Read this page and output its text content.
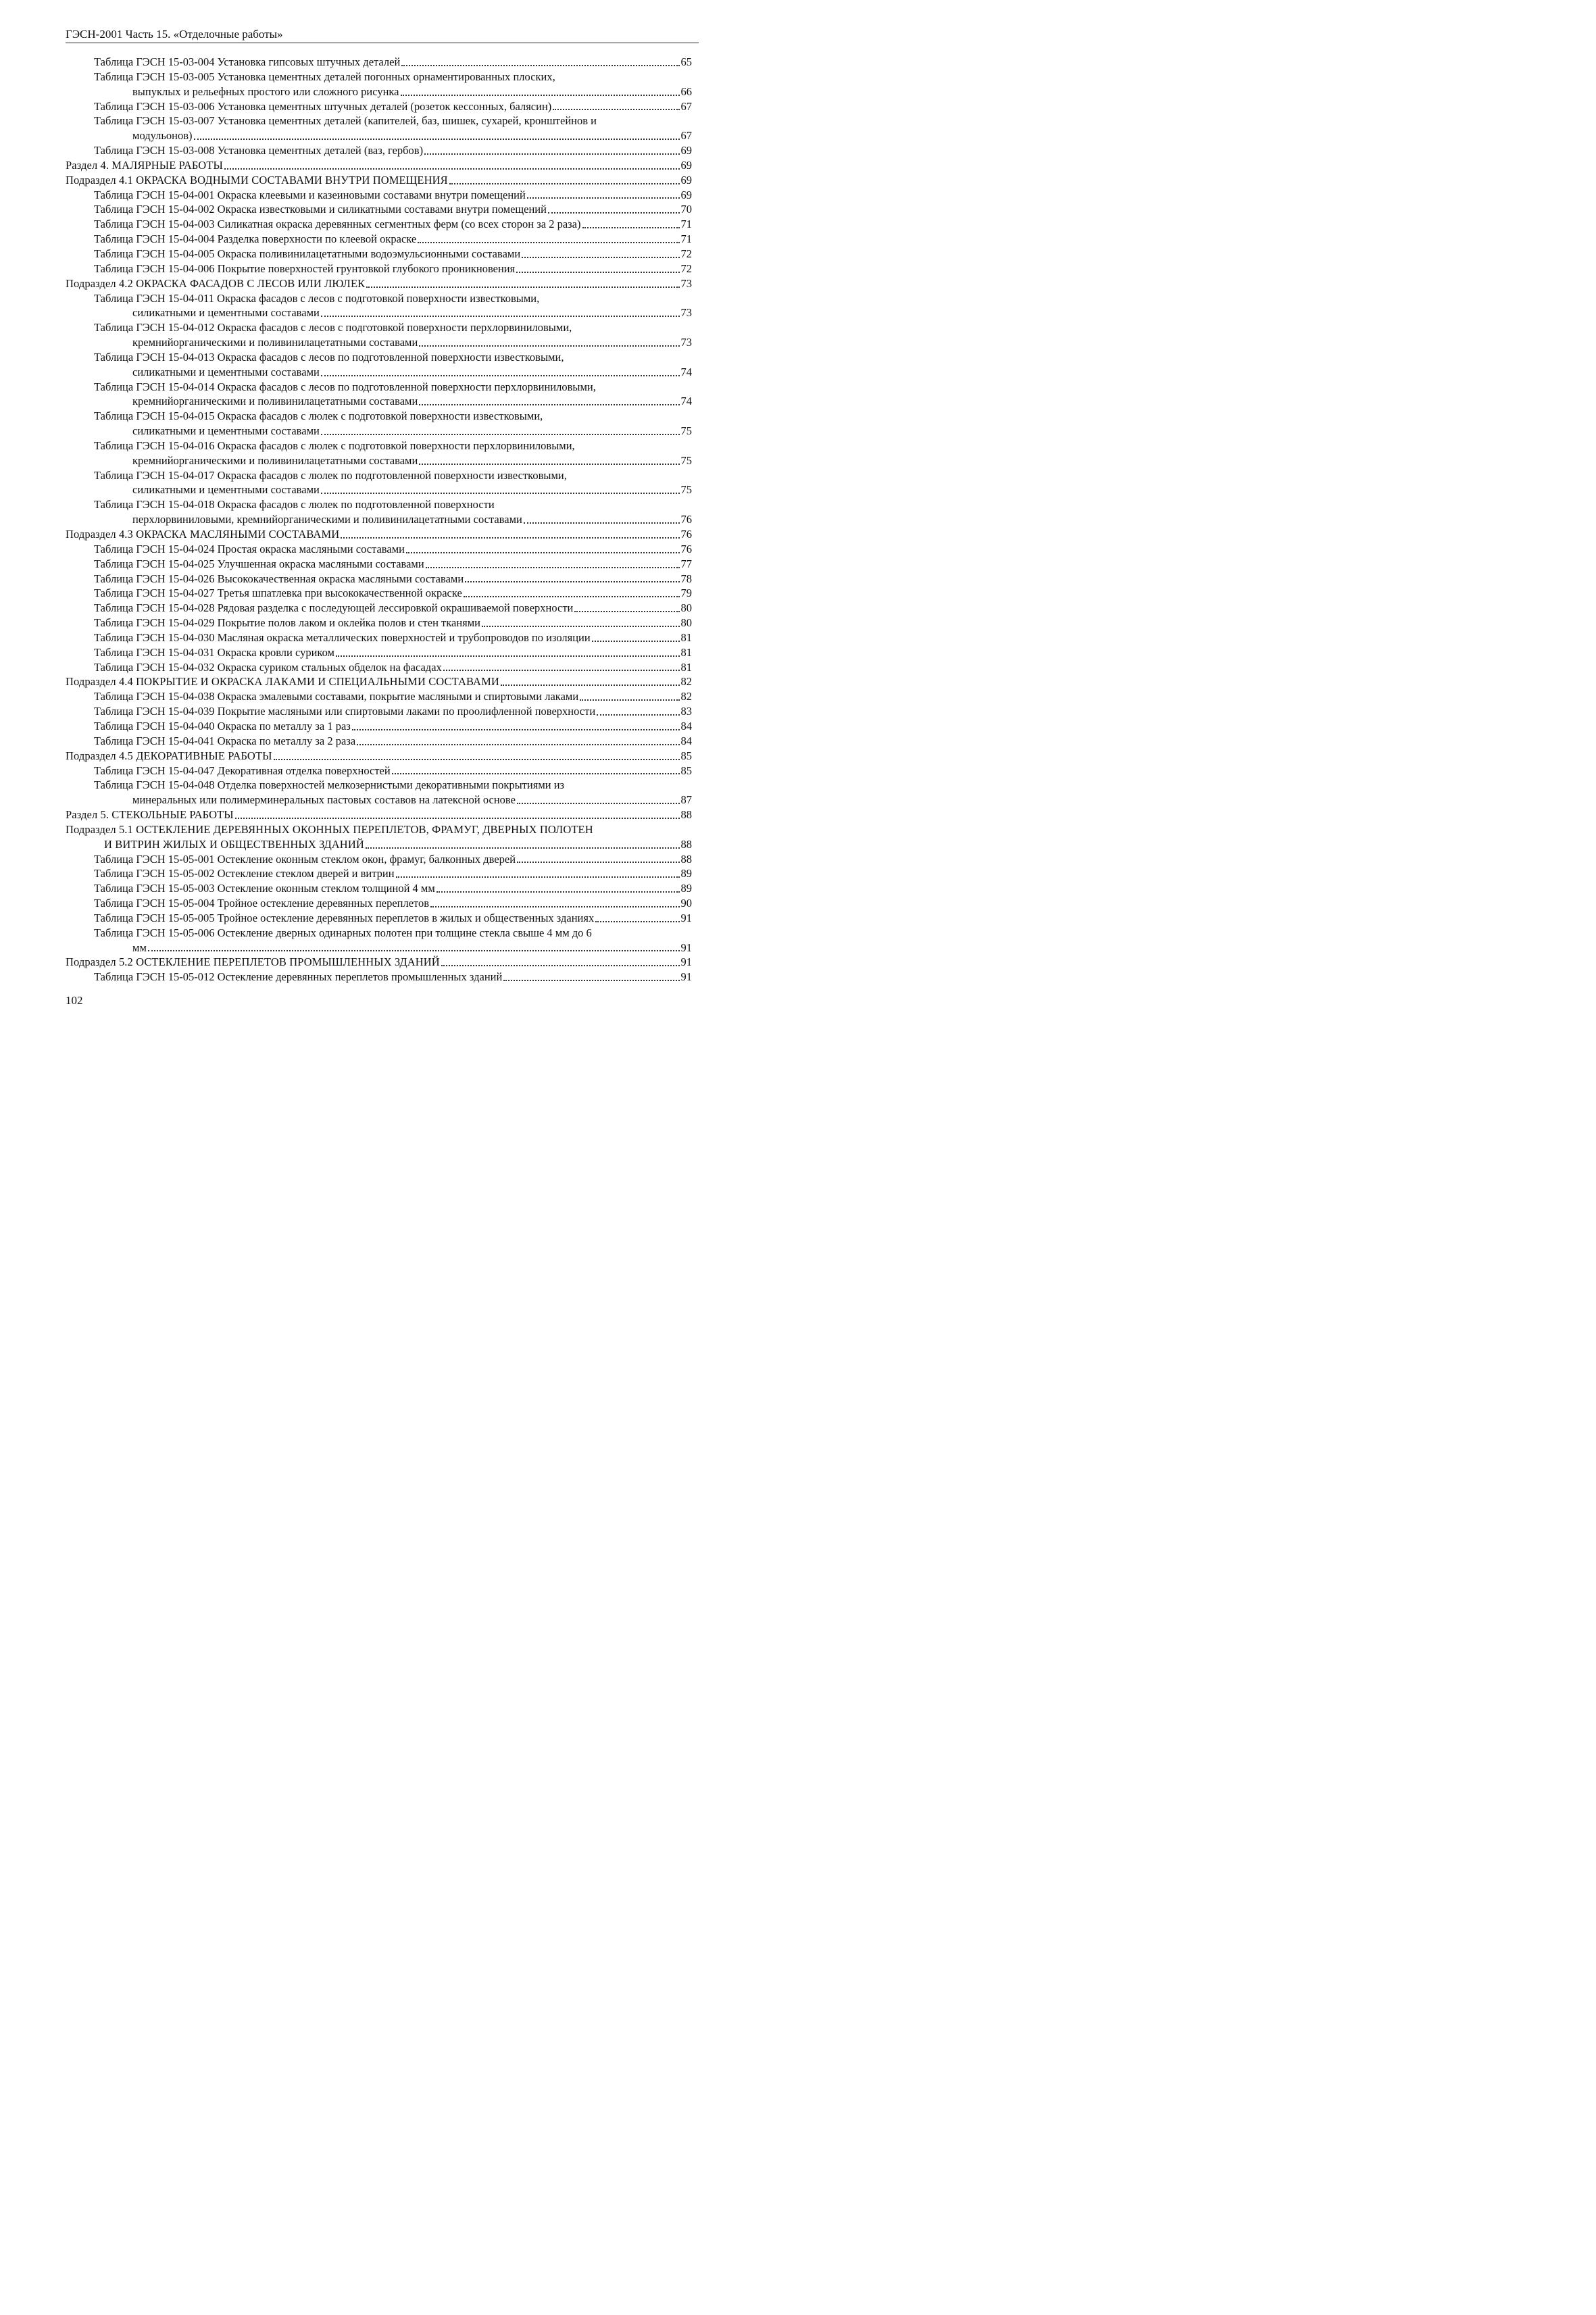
ГЭСН-2001 Часть 15. «Отделочные работы»
Таблица ГЭСН 15-03-004 Установка гипсовых штучных деталей	65
Таблица ГЭСН 15-03-005 Установка цементных деталей погонных орнаментированных плоских,
выпуклых и рельефных простого или сложного рисунка	66
Таблица ГЭСН 15-03-006 Установка цементных штучных деталей (розеток кессонных, балясин)	67
Таблица ГЭСН 15-03-007 Установка цементных деталей (капителей, баз, шишек, сухарей, кронштейнов и
модульонов)	67
Таблица ГЭСН 15-03-008 Установка цементных деталей (ваз, гербов)	69
Раздел 4. МАЛЯРНЫЕ РАБОТЫ	69
Подраздел 4.1 ОКРАСКА ВОДНЫМИ СОСТАВАМИ ВНУТРИ ПОМЕЩЕНИЯ	69
Таблица ГЭСН 15-04-001 Окраска клеевыми и казеиновыми составами внутри помещений	69
Таблица ГЭСН 15-04-002 Окраска известковыми и силикатными составами внутри помещений	70
Таблица ГЭСН 15-04-003 Силикатная окраска деревянных сегментных ферм (со всех сторон за 2 раза)	71
Таблица ГЭСН 15-04-004 Разделка поверхности по клеевой окраске	71
Таблица ГЭСН 15-04-005 Окраска поливинилацетатными водоэмульсионными составами	72
Таблица ГЭСН 15-04-006 Покрытие поверхностей грунтовкой глубокого проникновения	72
Подраздел 4.2 ОКРАСКА ФАСАДОВ С ЛЕСОВ ИЛИ ЛЮЛЕК	73
Таблица ГЭСН 15-04-011 Окраска фасадов с лесов с подготовкой поверхности известковыми,
силикатными и цементными составами	73
Таблица ГЭСН 15-04-012 Окраска фасадов с лесов с подготовкой поверхности перхлорвиниловыми,
кремнийорганическими и поливинилацетатными составами	73
Таблица ГЭСН 15-04-013 Окраска фасадов с лесов по подготовленной поверхности известковыми,
силикатными и цементными составами	74
Таблица ГЭСН 15-04-014 Окраска фасадов с лесов по подготовленной поверхности перхлорвиниловыми,
кремнийорганическими и поливинилацетатными составами	74
Таблица ГЭСН 15-04-015 Окраска фасадов с люлек с подготовкой поверхности известковыми,
силикатными и цементными составами	75
Таблица ГЭСН 15-04-016 Окраска фасадов с люлек с подготовкой поверхности перхлорвиниловыми,
кремнийорганическими и поливинилацетатными составами	75
Таблица ГЭСН 15-04-017 Окраска фасадов с люлек по подготовленной поверхности известковыми,
силикатными и цементными составами	75
Таблица ГЭСН 15-04-018 Окраска фасадов с люлек по подготовленной поверхности
перхлорвиниловыми, кремнийорганическими и поливинилацетатными составами	76
Подраздел 4.3 ОКРАСКА МАСЛЯНЫМИ СОСТАВАМИ	76
Таблица ГЭСН 15-04-024 Простая окраска масляными составами	76
Таблица ГЭСН 15-04-025 Улучшенная окраска масляными составами	77
Таблица ГЭСН 15-04-026 Высококачественная окраска масляными составами	78
Таблица ГЭСН 15-04-027 Третья шпатлевка при высококачественной окраске	79
Таблица ГЭСН 15-04-028 Рядовая разделка с последующей лессировкой окрашиваемой поверхности	80
Таблица ГЭСН 15-04-029 Покрытие полов лаком и оклейка полов и стен тканями	80
Таблица ГЭСН 15-04-030 Масляная окраска металлических поверхностей и трубопроводов по изоляции	81
Таблица ГЭСН 15-04-031 Окраска кровли суриком	81
Таблица ГЭСН 15-04-032 Окраска суриком стальных обделок на фасадах	81
Подраздел 4.4 ПОКРЫТИЕ И ОКРАСКА ЛАКАМИ И СПЕЦИАЛЬНЫМИ СОСТАВАМИ	82
Таблица ГЭСН 15-04-038 Окраска эмалевыми составами, покрытие масляными и спиртовыми лаками	82
Таблица ГЭСН 15-04-039 Покрытие масляными или спиртовыми лаками по проолифленной поверхности	83
Таблица ГЭСН 15-04-040 Окраска по металлу за 1 раз	84
Таблица ГЭСН 15-04-041 Окраска по металлу за 2 раза	84
Подраздел 4.5 ДЕКОРАТИВНЫЕ РАБОТЫ	85
Таблица ГЭСН 15-04-047 Декоративная отделка поверхностей	85
Таблица ГЭСН 15-04-048 Отделка поверхностей мелкозернистыми декоративными покрытиями из
минеральных или полимерминеральных пастовых составов на латексной основе	87
Раздел 5. СТЕКОЛЬНЫЕ РАБОТЫ	88
Подраздел 5.1 ОСТЕКЛЕНИЕ ДЕРЕВЯННЫХ ОКОННЫХ ПЕРЕПЛЕТОВ, ФРАМУГ, ДВЕРНЫХ ПОЛОТЕН
И ВИТРИН ЖИЛЫХ И ОБЩЕСТВЕННЫХ ЗДАНИЙ	88
Таблица ГЭСН 15-05-001 Остекление оконным стеклом окон, фрамуг, балконных дверей	88
Таблица ГЭСН 15-05-002 Остекление стеклом дверей и витрин	89
Таблица ГЭСН 15-05-003 Остекление оконным стеклом толщиной 4 мм	89
Таблица ГЭСН 15-05-004 Тройное остекление деревянных переплетов	90
Таблица ГЭСН 15-05-005 Тройное остекление деревянных переплетов в жилых и общественных зданиях	91
Таблица ГЭСН 15-05-006 Остекление дверных одинарных полотен при толщине стекла свыше 4 мм до 6
мм	91
Подраздел 5.2 ОСТЕКЛЕНИЕ ПЕРЕПЛЕТОВ ПРОМЫШЛЕННЫХ ЗДАНИЙ	91
Таблица ГЭСН 15-05-012 Остекление деревянных переплетов промышленных зданий	91
102
